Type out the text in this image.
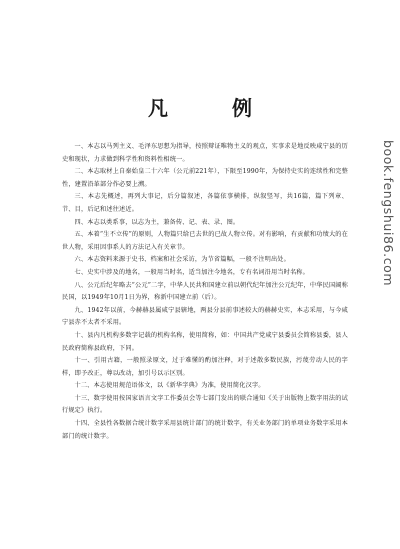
凡　例

一、本志以马列主义、毛泽东思想为指导，按照辩证唯物主义的观点，实事求是地反映咸宁县的历史和现状，力求做到科学性和资料性相统一。

二、本志取材上自秦始皇二十六年（公元前221年），下限至1990年，为保持史实的连续性和完整性，建置沿革部分作必要上溯。

三、本志先概述，再列大事记，后分篇叙述，各篇依事横排，纵叙竖写，共16篇，篇下列章、节、目，后记和述往述近。

四、本志以类系事，以志为主，兼备传、记、表、录、图。

五、本着“生不立传”的原则，人物篇只给已去世的已故人物立传。对有影响，有贡献和功绩大的在世人物，采用因事系人的方法记入有关章节。

六、本志资料来源于史书、档案和社会采访，为节省篇幅，一般不注明出处。

七、史实中涉及的地名，一般用当时名，适当加注今地名，专有名词沿用当时名称。

八、公元后纪年略去“公元”二字，中华人民共和国建立前以朝代纪年加注公元纪年，中华民国阔称民国，以1949年10月1日为界，称新中国建立前（后）。

九、1942年以前，今赫赫县属咸宁县辖地，两县分县前事述较大的赫赫史实，本志采用，与今咸宁县赤不太者不采用。

十、县内凡机构多数字记载的机构名称，使用简称，如：中国共产党咸宁县委员会简称县委，县人民政府简称县政府，下同。

十一、引用古籍，一般照录原文，过于难懂的酌加注释，对于述散多数民族，污蔑劳动人民的字样，即予改正，尊以改动，加引号以示区别。

十二、本志使用规范语体文，以《新华字典》为准，使用简化汉字。

十三、数字使用按国家语言文字工作委员会等七部门发出的联合通知《关于出版物上数字用法的试行规定》执行。

十四、全县性各数据合统计数字采用县统计部门的统计数字，有关业务部门的单项业务数字采用本部门的统计数字。

book.fengshui86.com
